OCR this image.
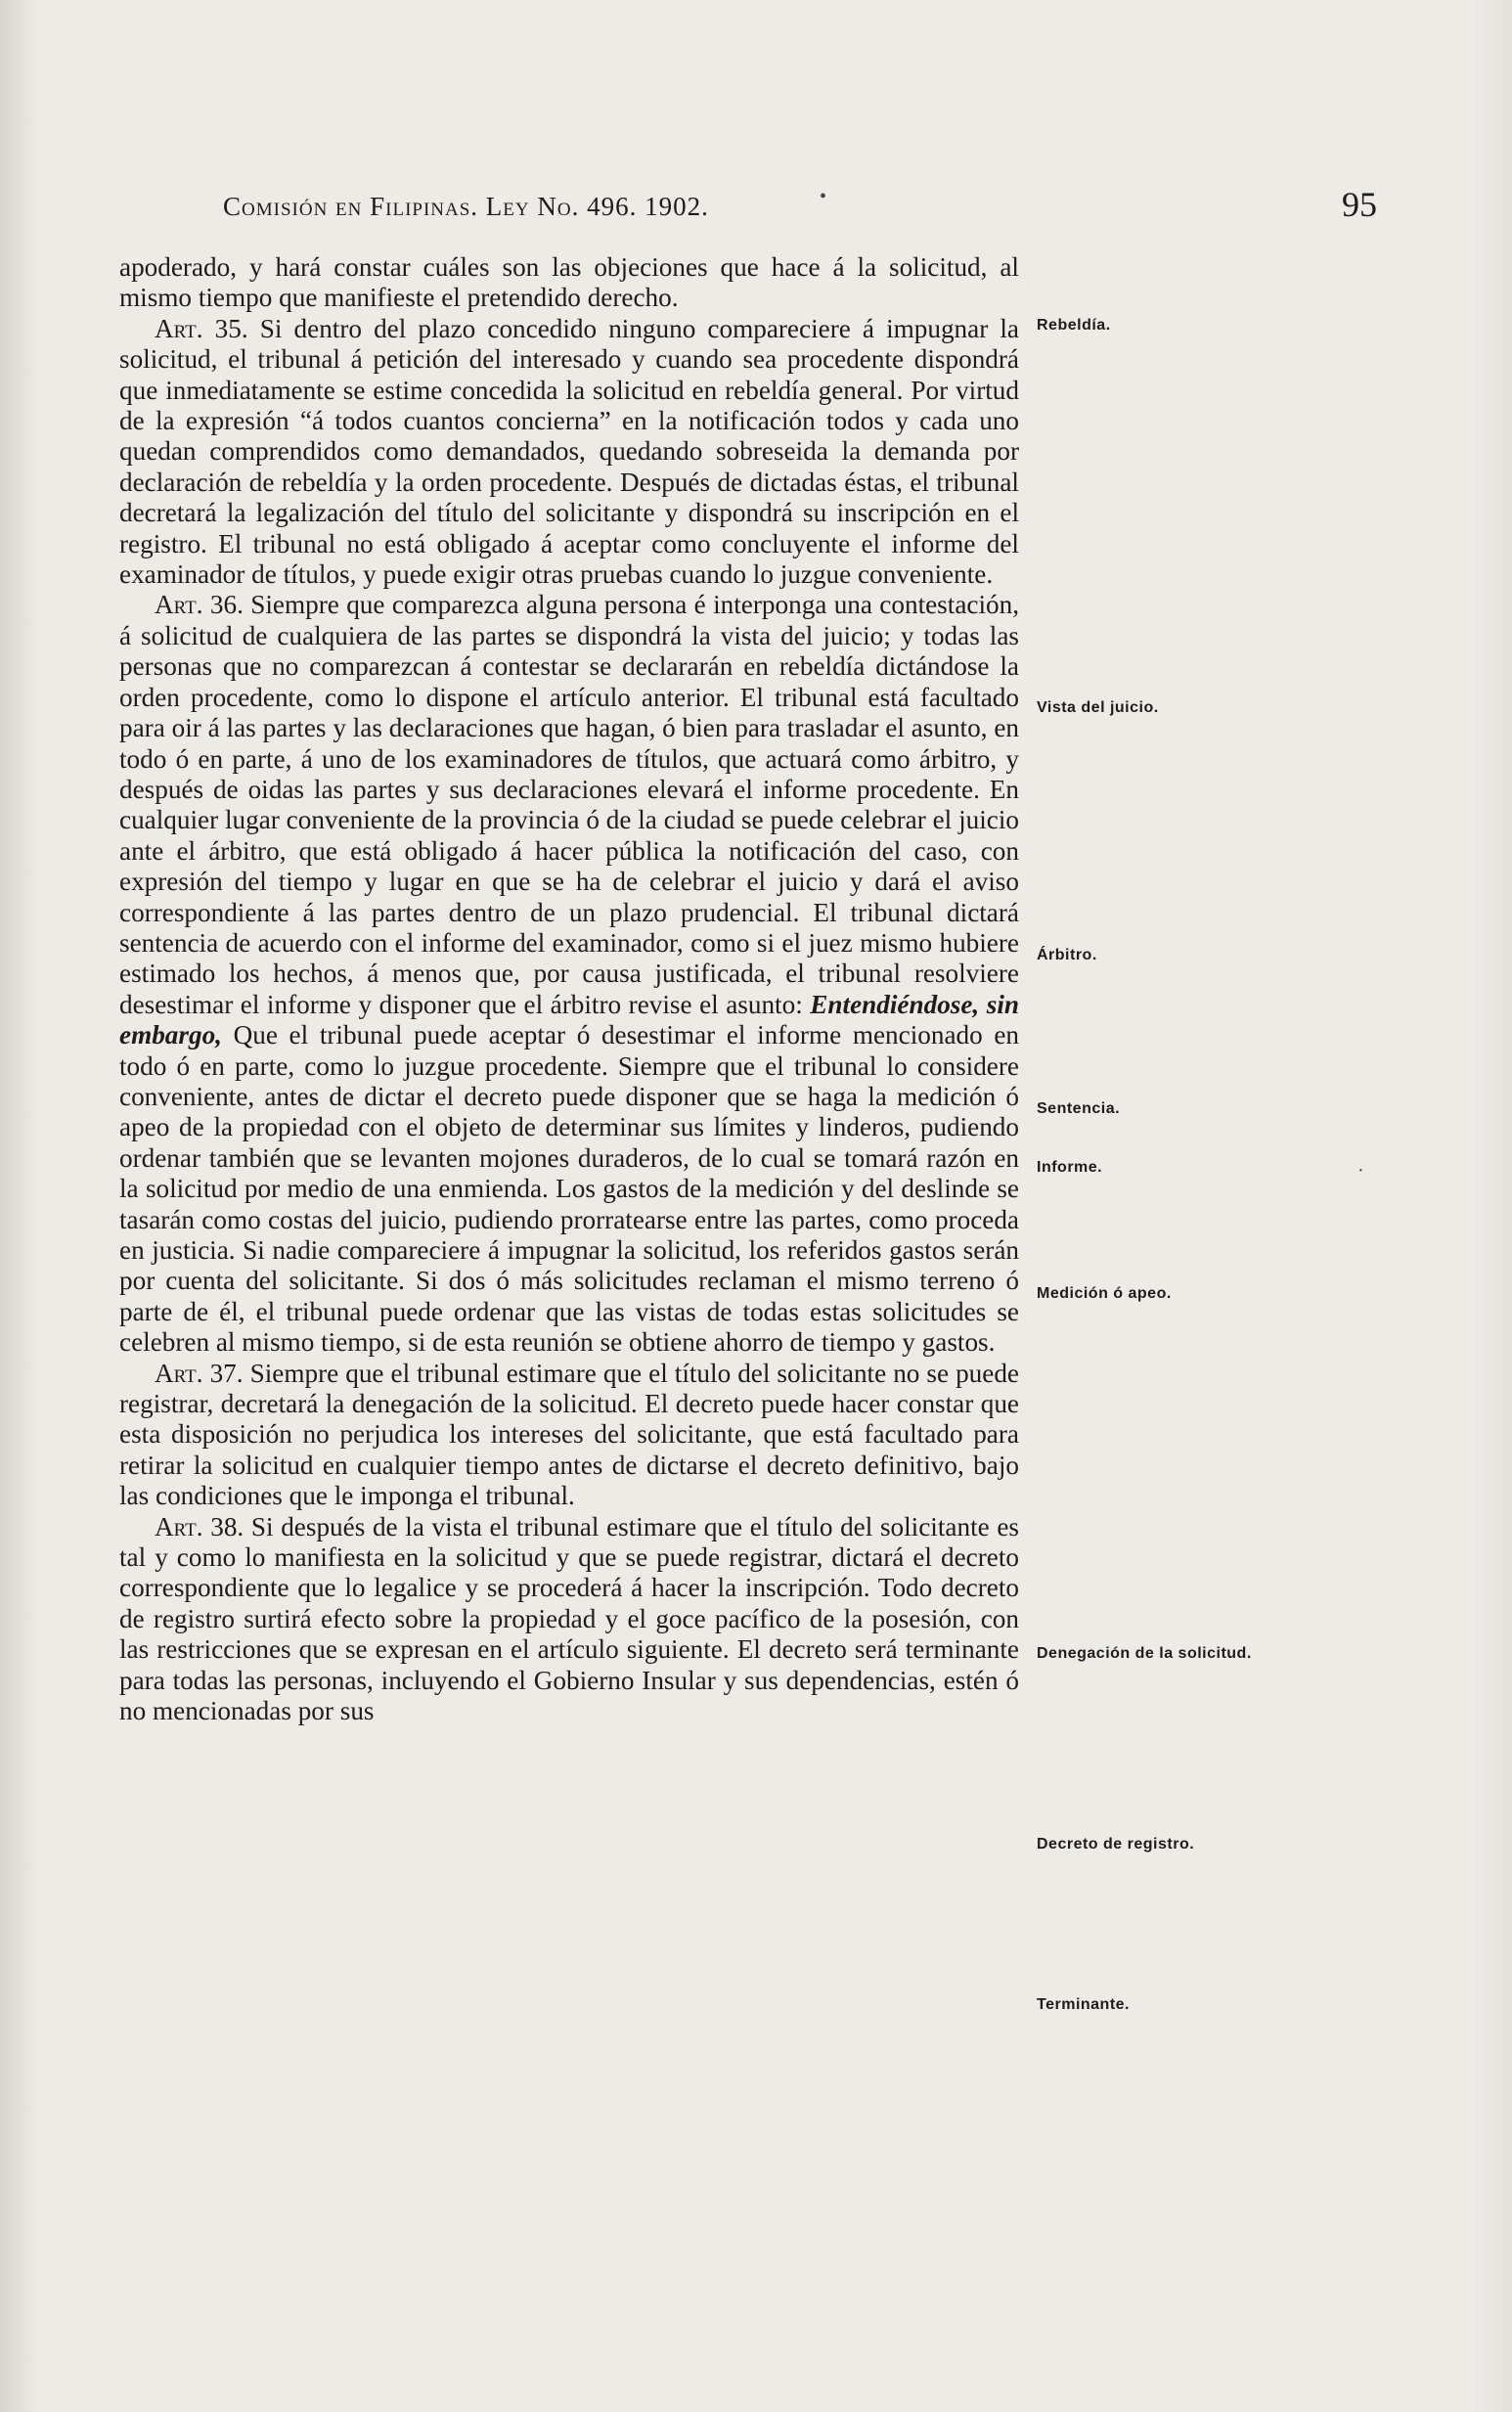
Comisión en Filipinas. Ley No. 496. 1902.	95
•

apoderado, y hará constar cuáles son las objeciones que hace á la solicitud, al mismo tiempo que manifieste el pretendido derecho.

Art. 35. Si dentro del plazo concedido ninguno compareciere á impugnar la solicitud, el tribunal á petición del interesado y cuando sea procedente dispondrá que inmediatamente se estime concedida la solicitud en rebeldía general. Por virtud de la expresión “á todos cuantos concierna” en la notificación todos y cada uno quedan comprendidos como demandados, quedando sobreseida la demanda por declaración de rebeldía y la orden procedente. Después de dictadas éstas, el tribunal decretará la legalización del título del solicitante y dispondrá su inscripción en el registro. El tribunal no está obligado á aceptar como concluyente el informe del examinador de títulos, y puede exigir otras pruebas cuando lo juzgue conveniente.

Art. 36. Siempre que comparezca alguna persona é interponga una contestación, á solicitud de cualquiera de las partes se dispondrá la vista del juicio; y todas las personas que no comparezcan á contestar se declararán en rebeldía dictándose la orden procedente, como lo dispone el artículo anterior. El tribunal está facultado para oir á las partes y las declaraciones que hagan, ó bien para trasladar el asunto, en todo ó en parte, á uno de los examinadores de títulos, que actuará como árbitro, y después de oidas las partes y sus declaraciones elevará el informe procedente. En cualquier lugar conveniente de la provincia ó de la ciudad se puede celebrar el juicio ante el árbitro, que está obligado á hacer pública la notificación del caso, con expresión del tiempo y lugar en que se ha de celebrar el juicio y dará el aviso correspondiente á las partes dentro de un plazo prudencial. El tribunal dictará sentencia de acuerdo con el informe del examinador, como si el juez mismo hubiere estimado los hechos, á menos que, por causa justificada, el tribunal resolviere desestimar el informe y disponer que el árbitro revise el asunto: Entendiéndose, sin embargo, Que el tribunal puede aceptar ó desestimar el informe mencionado en todo ó en parte, como lo juzgue procedente. Siempre que el tribunal lo considere conveniente, antes de dictar el decreto puede disponer que se haga la medición ó apeo de la propiedad con el objeto de determinar sus límites y linderos, pudiendo ordenar también que se levanten mojones duraderos, de lo cual se tomará razón en la solicitud por medio de una enmienda. Los gastos de la medición y del deslinde se tasarán como costas del juicio, pudiendo prorratearse entre las partes, como proceda en justicia. Si nadie compareciere á impugnar la solicitud, los referidos gastos serán por cuenta del solicitante. Si dos ó más solicitudes reclaman el mismo terreno ó parte de él, el tribunal puede ordenar que las vistas de todas estas solicitudes se celebren al mismo tiempo, si de esta reunión se obtiene ahorro de tiempo y gastos.

Art. 37. Siempre que el tribunal estimare que el título del solicitante no se puede registrar, decretará la denegación de la solicitud. El decreto puede hacer constar que esta disposición no perjudica los intereses del solicitante, que está facultado para retirar la solicitud en cualquier tiempo antes de dictarse el decreto definitivo, bajo las condiciones que le imponga el tribunal.

Art. 38. Si después de la vista el tribunal estimare que el título del solicitante es tal y como lo manifiesta en la solicitud y que se puede registrar, dictará el decreto correspondiente que lo legalice y se procederá á hacer la inscripción. Todo decreto de registro surtirá efecto sobre la propiedad y el goce pacífico de la posesión, con las restricciones que se expresan en el artículo siguiente. El decreto será terminante para todas las personas, incluyendo el Gobierno Insular y sus dependencias, estén ó no mencionadas por sus

Rebeldía.
Vista del juicio.
Árbitro.
Sentencia.
Informe.
Medición ó apeo.
Denegación de la solicitud.
Decreto de registro.
Terminante.
·
